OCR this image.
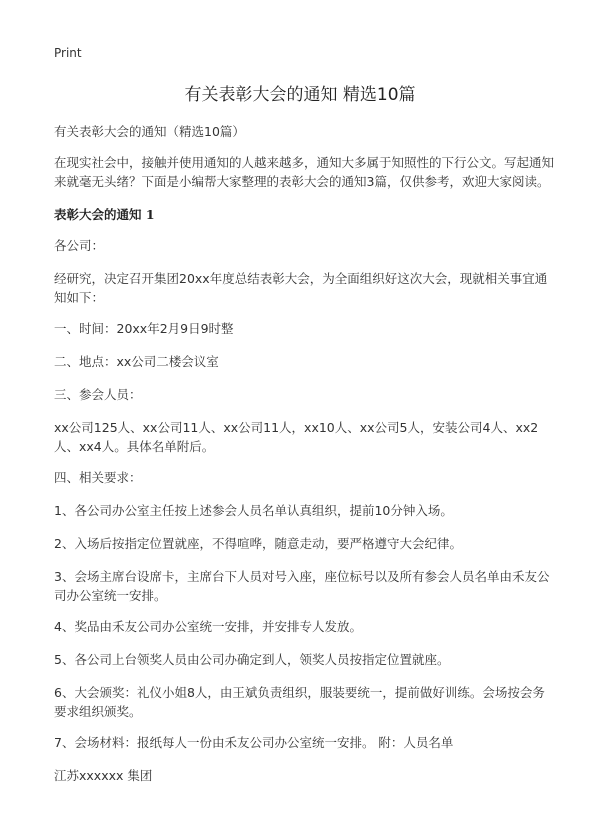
Print
有关表彰大会的通知 精选10篇

有关表彰大会的通知（精选10篇）

在现实社会中，接触并使用通知的人越来越多，通知大多属于知照性的下行公文。写起通知来就毫无头绪？下面是小编帮大家整理的表彰大会的通知3篇，仅供参考，欢迎大家阅读。

表彰大会的通知 1

各公司：

经研究，决定召开集团20xx年度总结表彰大会，为全面组织好这次大会，现就相关事宜通知如下：

一、时间：20xx年2月9日9时整

二、地点：xx公司二楼会议室

三、参会人员：

xx公司125人、xx公司11人、xx公司11人，xx10人、xx公司5人，安装公司4人、xx2人、xx4人。具体名单附后。

四、相关要求：

1、各公司办公室主任按上述参会人员名单认真组织，提前10分钟入场。

2、入场后按指定位置就座，不得喧哗，随意走动，要严格遵守大会纪律。

3、会场主席台设席卡，主席台下人员对号入座，座位标号以及所有参会人员名单由禾友公司办公室统一安排。

4、奖品由禾友公司办公室统一安排，并安排专人发放。

5、各公司上台领奖人员由公司办确定到人，领奖人员按指定位置就座。

6、大会颁奖：礼仪小姐8人，由王斌负责组织，服装要统一，提前做好训练。会场按会务要求组织颁奖。

7、会场材料：报纸每人一份由禾友公司办公室统一安排。 附：人员名单

江苏xxxxxx 集团
